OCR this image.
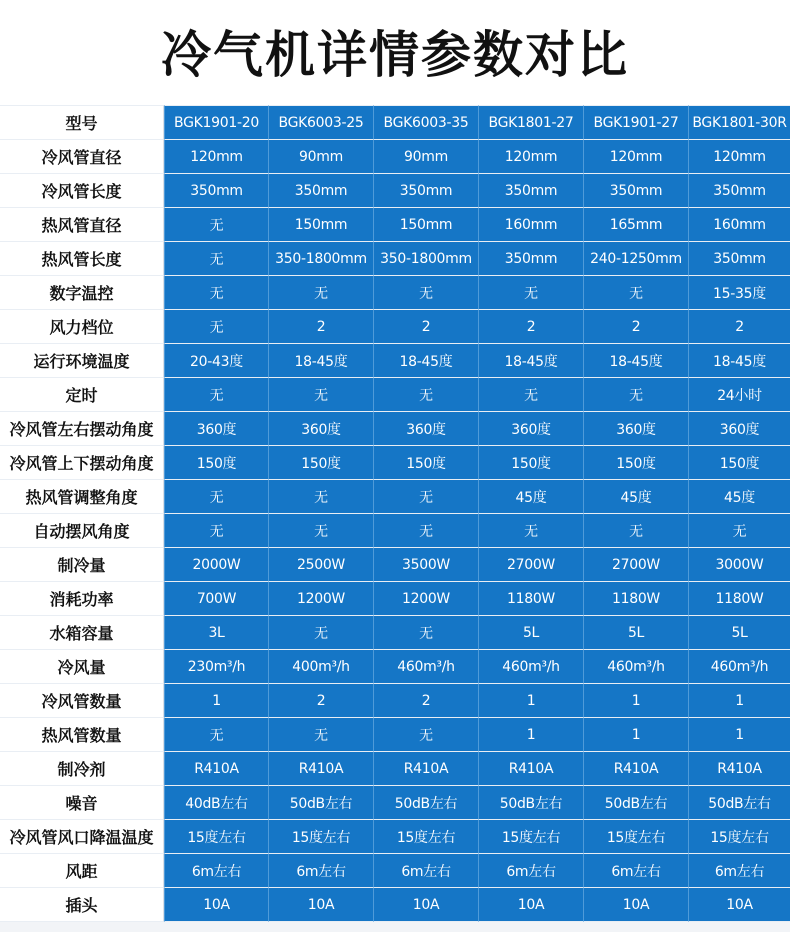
冷气机详情参数对比
型号	BGK1901-20	BGK6003-25	BGK6003-35	BGK1801-27	BGK1901-27	BGK1801-30R
冷风管直径	120mm	90mm	90mm	120mm	120mm	120mm
冷风管长度	350mm	350mm	350mm	350mm	350mm	350mm
热风管直径	无	150mm	150mm	160mm	165mm	160mm
热风管长度	无	350-1800mm	350-1800mm	350mm	240-1250mm	350mm
数字温控	无	无	无	无	无	15-35度
风力档位	无	2	2	2	2	2
运行环境温度	20-43度	18-45度	18-45度	18-45度	18-45度	18-45度
定时	无	无	无	无	无	24小时
冷风管左右摆动角度	360度	360度	360度	360度	360度	360度
冷风管上下摆动角度	150度	150度	150度	150度	150度	150度
热风管调整角度	无	无	无	45度	45度	45度
自动摆风角度	无	无	无	无	无	无
制冷量	2000W	2500W	3500W	2700W	2700W	3000W
消耗功率	700W	1200W	1200W	1180W	1180W	1180W
水箱容量	3L	无	无	5L	5L	5L
冷风量	230m³/h	400m³/h	460m³/h	460m³/h	460m³/h	460m³/h
冷风管数量	1	2	2	1	1	1
热风管数量	无	无	无	1	1	1
制冷剂	R410A	R410A	R410A	R410A	R410A	R410A
噪音	40dB左右	50dB左右	50dB左右	50dB左右	50dB左右	50dB左右
冷风管风口降温温度	15度左右	15度左右	15度左右	15度左右	15度左右	15度左右
风距	6m左右	6m左右	6m左右	6m左右	6m左右	6m左右
插头	10A	10A	10A	10A	10A	10A
